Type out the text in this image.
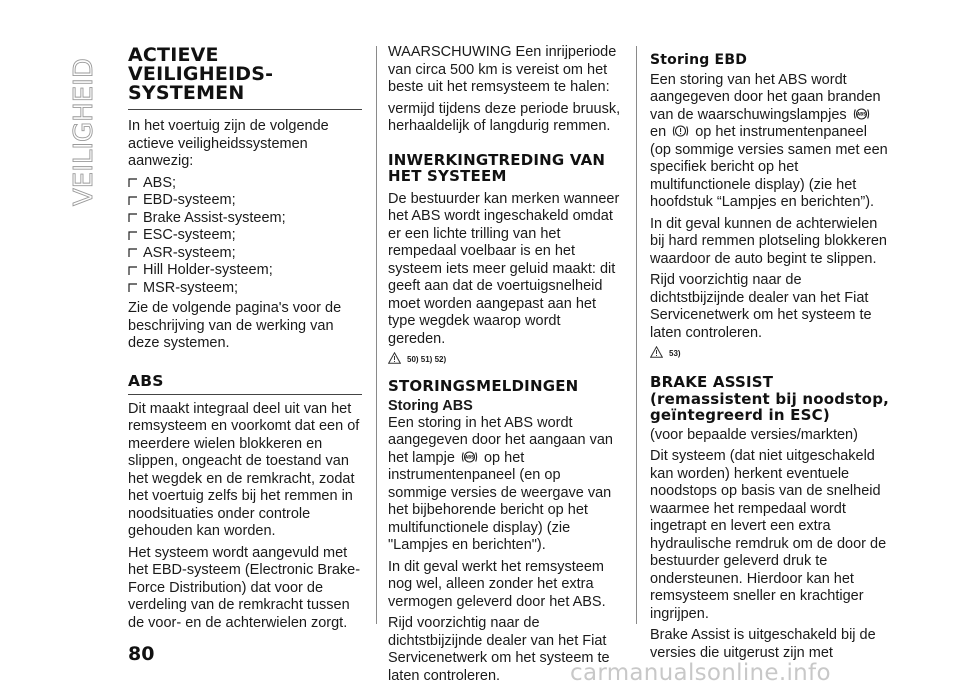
VEILIGHEID
ACTIEVE VEILIGHEIDS-SYSTEMEN

In het voertuig zijn de volgende actieve veiligheidssystemen aanwezig:

ABS;
EBD-systeem;
Brake Assist-systeem;
ESC-systeem;
ASR-systeem;
Hill Holder-systeem;
MSR-systeem;

Zie de volgende pagina's voor de beschrijving van de werking van deze systemen.

ABS

Dit maakt integraal deel uit van het remsysteem en voorkomt dat een of meerdere wielen blokkeren en slippen, ongeacht de toestand van het wegdek en de remkracht, zodat het voertuig zelfs bij het remmen in noodsituaties onder controle gehouden kan worden.

Het systeem wordt aangevuld met het EBD-systeem (Electronic Brake-Force Distribution) dat voor de verdeling van de remkracht tussen de voor- en de achterwielen zorgt.

WAARSCHUWING Een inrijperiode van circa 500 km is vereist om het beste uit het remsysteem te halen:

vermijd tijdens deze periode bruusk, herhaaldelijk of langdurig remmen.

INWERKINGTREDING VAN HET SYSTEEM

De bestuurder kan merken wanneer het ABS wordt ingeschakeld omdat er een lichte trilling van het rempedaal voelbaar is en het systeem iets meer geluid maakt: dit geeft aan dat de voertuigsnelheid moet worden aangepast aan het type wegdek waarop wordt gereden.

50) 51) 52)
STORINGSMELDINGEN
Storing ABS

Een storing in het ABS wordt aangegeven door het aangaan van het lampje	ABS op het instrumentenpaneel (en op sommige versies de weergave van het bijbehorende bericht op het multifunctionele display) (zie "Lampjes en berichten").

In dit geval werkt het remsysteem nog wel, alleen zonder het extra vermogen geleverd door het ABS.

Rijd voorzichtig naar de dichtstbijzijnde dealer van het Fiat Servicenetwerk om het systeem te laten controleren.

Storing EBD

Een storing van het ABS wordt aangegeven door het gaan branden van de waarschuwingslampjes	ABS

en op het instrumentenpaneel (op sommige versies samen met een specifiek bericht op het multifunctionele display) (zie het hoofdstuk “Lampjes en berichten”).

In dit geval kunnen de achterwielen bij hard remmen plotseling blokkeren waardoor de auto begint te slippen.

Rijd voorzichtig naar de dichtstbijzijnde dealer van het Fiat Servicenetwerk om het systeem te laten controleren.

53)
BRAKE ASSIST (remassistent bij noodstop, geïntegreerd in ESC)

(voor bepaalde versies/markten)

Dit systeem (dat niet uitgeschakeld kan worden) herkent eventuele noodstops op basis van de snelheid waarmee het rempedaal wordt ingetrapt en levert een extra hydraulische remdruk om de door de bestuurder geleverd druk te ondersteunen. Hierdoor kan het remsysteem sneller en krachtiger ingrijpen.

Brake Assist is uitgeschakeld bij de versies die uitgerust zijn met

80
carmanualsonline.info
